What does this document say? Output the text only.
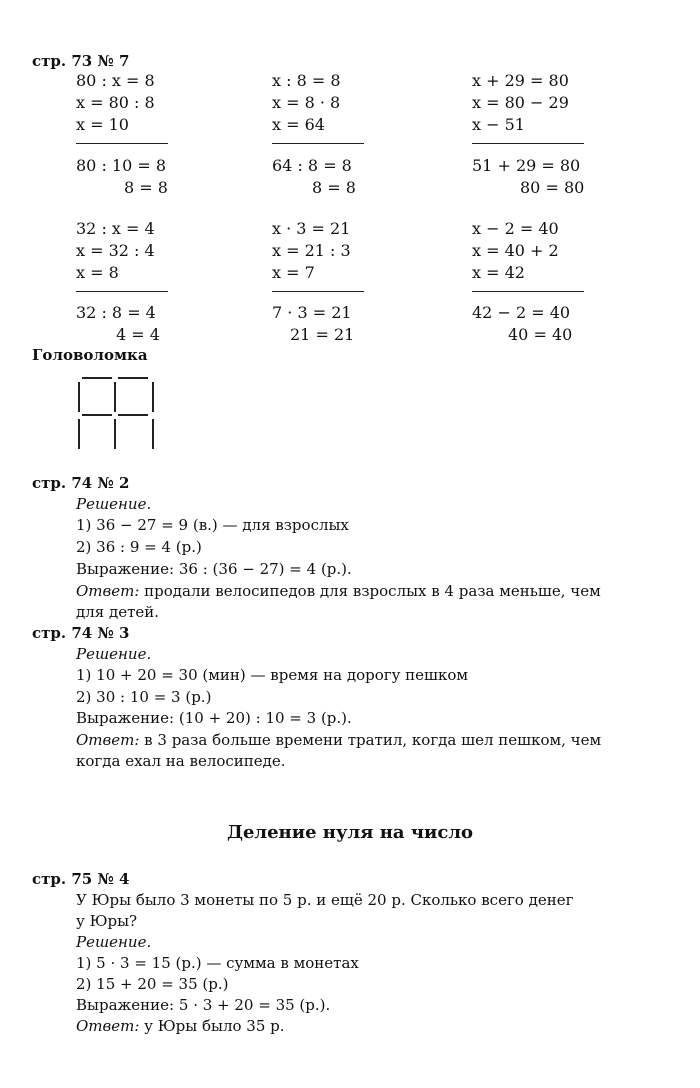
стр. 73 № 7
80 : x = 8
x = 80 : 8
x = 10
80 : 10 = 8
8 = 8
x : 8 = 8
x = 8 · 8
x = 64
64 : 8 = 8
8 = 8
x + 29 = 80
x = 80 − 29
x − 51
51 + 29 = 80
80 = 80
32 : x = 4
x = 32 : 4
x = 8
32 : 8 = 4
4 = 4
x · 3 = 21
x = 21 : 3
x = 7
7 · 3 = 21
21 = 21
x − 2 = 40
x = 40 + 2
x = 42
42 − 2 = 40
40 = 40
Головоломка
стр. 74 № 2
Решение.
1) 36 − 27 = 9 (в.) — для взрослых
2) 36 : 9 = 4 (р.)
Выражение: 36 : (36 − 27) = 4 (р.).
Ответ: продали велосипедов для взрослых в 4 раза меньше, чем
для детей.
стр. 74 № 3
Решение.
1) 10 + 20 = 30 (мин) — время на дорогу пешком
2) 30 : 10 = 3 (р.)
Выражение: (10 + 20) : 10 = 3 (р.).
Ответ: в 3 раза больше времени тратил, когда шел пешком, чем
когда ехал на велосипеде.
Деление нуля на число
стр. 75 № 4
У Юры было 3 монеты по 5 р. и ещё 20 р. Сколько всего денег
у Юры?
Решение.
1) 5 · 3 = 15 (р.) — сумма в монетах
2) 15 + 20 = 35 (р.)
Выражение: 5 · 3 + 20 = 35 (р.).
Ответ: у Юры было 35 р.
